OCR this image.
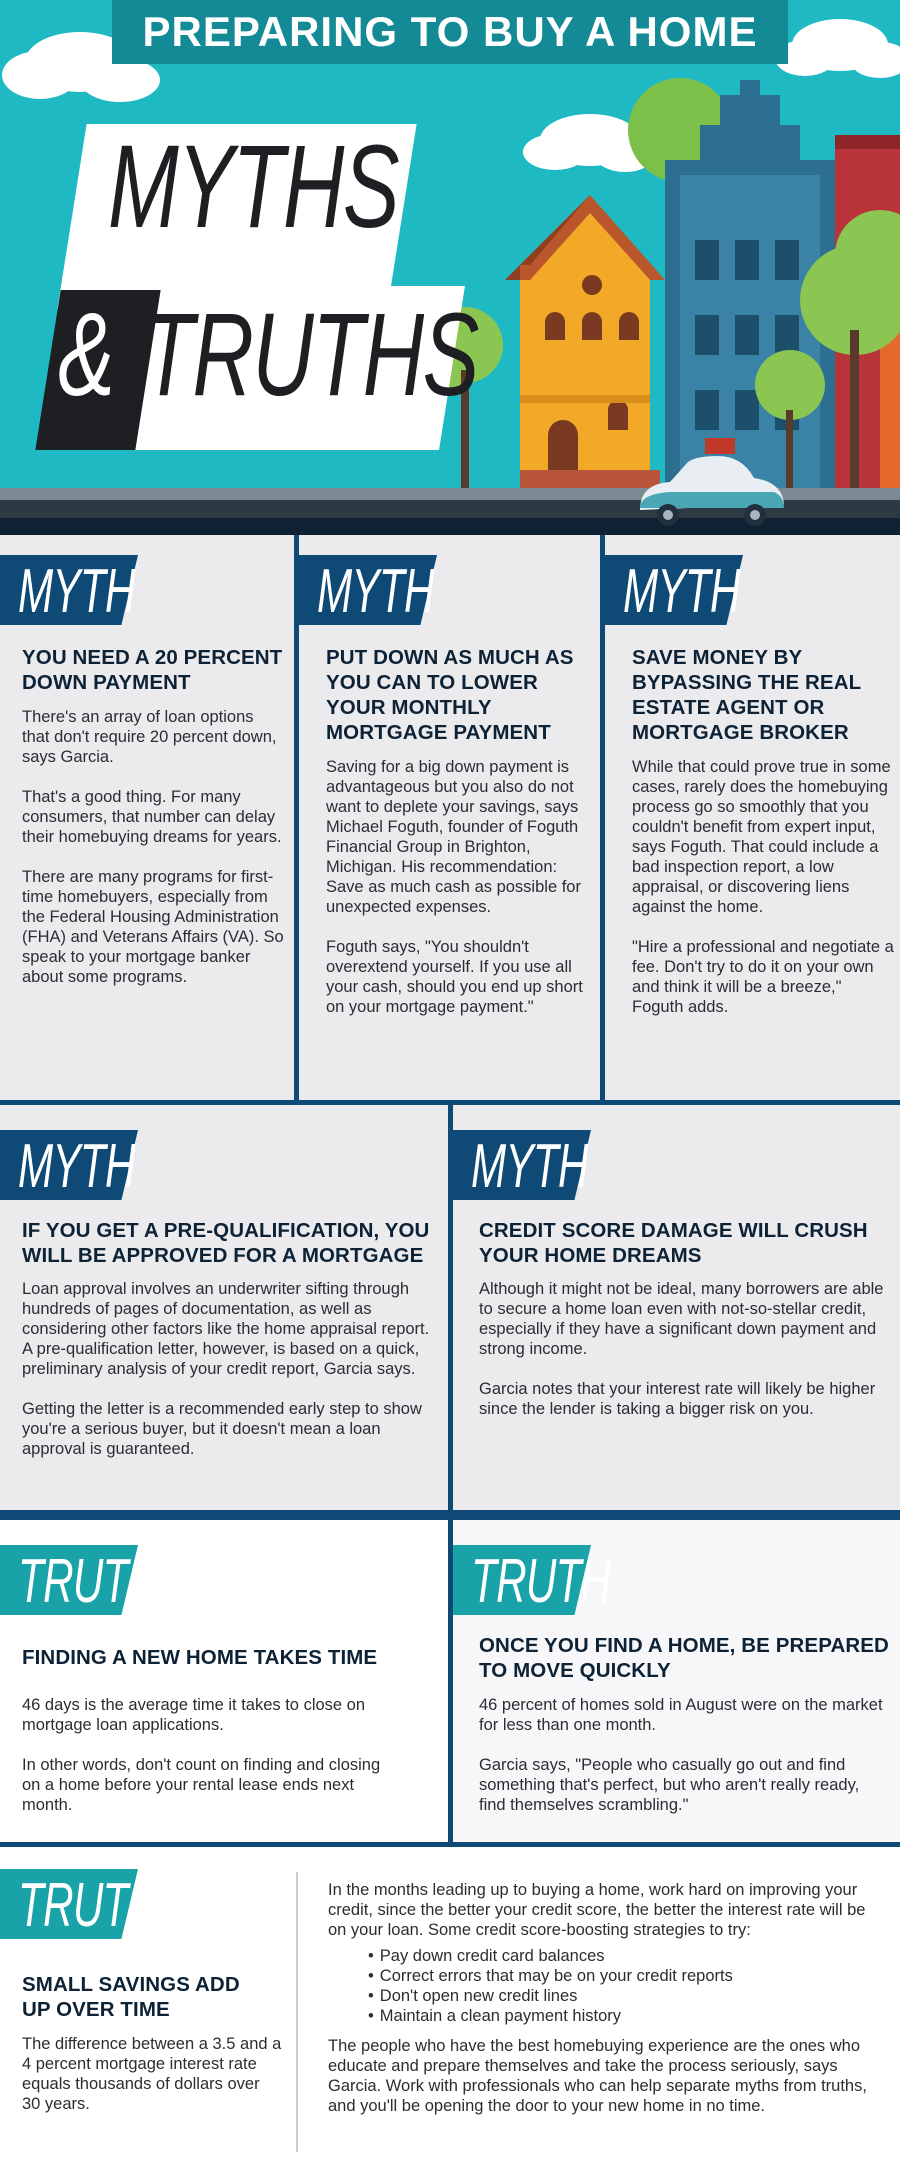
PREPARING TO BUY A HOME
MYTHS
& TRUTHS
MYTH
YOU NEED A 20 PERCENT DOWN PAYMENT

There's an array of loan options that don't require 20 percent down, says Garcia.

That's a good thing. For many consumers, that number can delay their homebuying dreams for years.

There are many programs for first-time homebuyers, especially from the Federal Housing Administration (FHA) and Veterans Affairs (VA). So speak to your mortgage banker about some programs.

MYTH
PUT DOWN AS MUCH AS YOU CAN TO LOWER YOUR MONTHLY MORTGAGE PAYMENT

Saving for a big down payment is advantageous but you also do not want to deplete your savings, says Michael Foguth, founder of Foguth Financial Group in Brighton, Michigan. His recommendation: Save as much cash as possible for unexpected expenses.

Foguth says, "You shouldn't overextend yourself. If you use all your cash, should you end up short on your mortgage payment."

MYTH
SAVE MONEY BY BYPASSING THE REAL ESTATE AGENT OR MORTGAGE BROKER

While that could prove true in some cases, rarely does the homebuying process go so smoothly that you couldn't benefit from expert input, says Foguth. That could include a bad inspection report, a low appraisal, or discovering liens against the home.

"Hire a professional and negotiate a fee. Don't try to do it on your own and think it will be a breeze," Foguth adds.

MYTH
IF YOU GET A PRE-QUALIFICATION, YOU WILL BE APPROVED FOR A MORTGAGE

Loan approval involves an underwriter sifting through hundreds of pages of documentation, as well as considering other factors like the home appraisal report. A pre-qualification letter, however, is based on a quick, preliminary analysis of your credit report, Garcia says.

Getting the letter is a recommended early step to show you're a serious buyer, but it doesn't mean a loan approval is guaranteed.

MYTH
CREDIT SCORE DAMAGE WILL CRUSH YOUR HOME DREAMS

Although it might not be ideal, many borrowers are able to secure a home loan even with not-so-stellar credit, especially if they have a significant down payment and strong income.

Garcia notes that your interest rate will likely be higher since the lender is taking a bigger risk on you.

TRUTH
FINDING A NEW HOME TAKES TIME

46 days is the average time it takes to close on mortgage loan applications.

In other words, don't count on finding and closing on a home before your rental lease ends next month.

TRUTH
ONCE YOU FIND A HOME, BE PREPARED TO MOVE QUICKLY

46 percent of homes sold in August were on the market for less than one month.

Garcia says, "People who casually go out and find something that's perfect, but who aren't really ready, find themselves scrambling."

TRUTH
SMALL SAVINGS ADD UP OVER TIME
The difference between a 3.5 and a 4 percent mortgage interest rate equals thousands of dollars over 30 years.

In the months leading up to buying a home, work hard on improving your credit, since the better your credit score, the better the interest rate will be on your loan. Some credit score-boosting strategies to try:

• Pay down credit card balances
• Correct errors that may be on your credit reports
• Don't open new credit lines
• Maintain a clean payment history

The people who have the best homebuying experience are the ones who educate and prepare themselves and take the process seriously, says Garcia. Work with professionals who can help separate myths from truths, and you'll be opening the door to your new home in no time.
